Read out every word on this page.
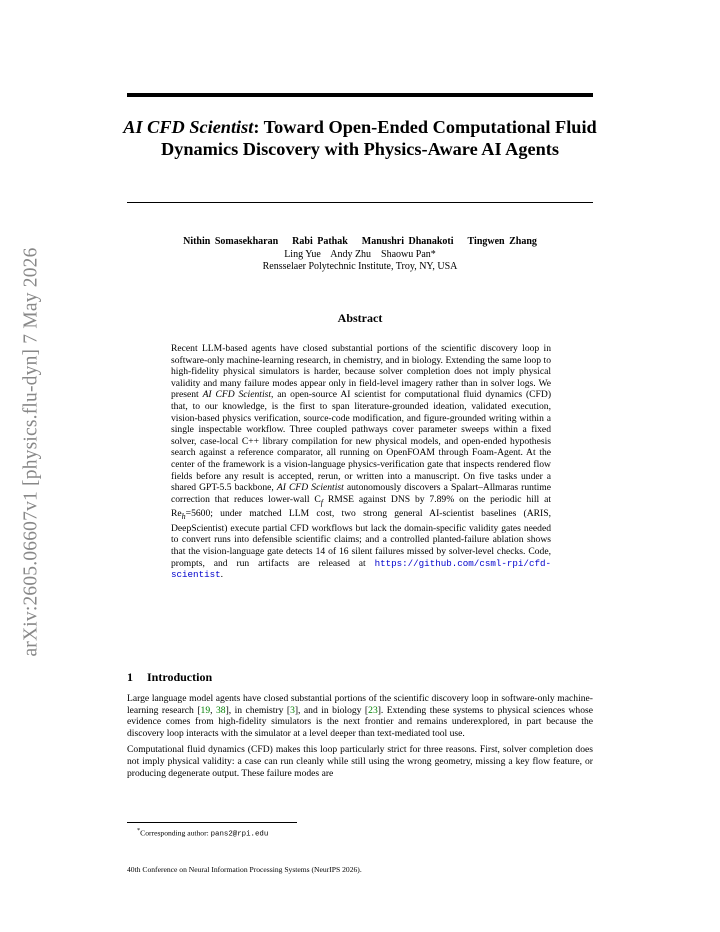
arXiv:2605.06607v1 [physics.flu-dyn] 7 May 2026
AI CFD Scientist: Toward Open-Ended Computational Fluid Dynamics Discovery with Physics-Aware AI Agents
Nithin Somasekharan Rabi Pathak Manushri Dhanakoti Tingwen Zhang
Ling Yue    Andy Zhu    Shaowu Pan*
Rensselaer Polytechnic Institute, Troy, NY, USA
Abstract
Recent LLM-based agents have closed substantial portions of the scientific discovery loop in software-only machine-learning research, in chemistry, and in biology. Extending the same loop to high-fidelity physical simulators is harder, because solver completion does not imply physical validity and many failure modes appear only in field-level imagery rather than in solver logs. We present AI CFD Scientist, an open-source AI scientist for computational fluid dynamics (CFD) that, to our knowledge, is the first to span literature-grounded ideation, validated execution, vision-based physics verification, source-code modification, and figure-grounded writing within a single inspectable workflow. Three coupled pathways cover parameter sweeps within a fixed solver, case-local C++ library compilation for new physical models, and open-ended hypothesis search against a reference comparator, all running on OpenFOAM through Foam-Agent. At the center of the framework is a vision-language physics-verification gate that inspects rendered flow fields before any result is accepted, rerun, or written into a manuscript. On five tasks under a shared GPT-5.5 backbone, AI CFD Scientist autonomously discovers a Spalart–Allmaras runtime correction that reduces lower-wall $C_f$ RMSE against DNS by 7.89% on the periodic hill at $Re_h=5600$; under matched LLM cost, two strong general AI-scientist baselines (ARIS, DeepScientist) execute partial CFD workflows but lack the domain-specific validity gates needed to convert runs into defensible scientific claims; and a controlled planted-failure ablation shows that the vision-language gate detects 14 of 16 silent failures missed by solver-level checks. Code, prompts, and run artifacts are released at https://github.com/csml-rpi/cfd-scientist.
1 Introduction

Large language model agents have closed substantial portions of the scientific discovery loop in software-only machine-learning research [19, 38], in chemistry [3], and in biology [23]. Extending these systems to physical sciences whose evidence comes from high-fidelity simulators is the next frontier and remains underexplored, in part because the discovery loop interacts with the simulator at a level deeper than text-mediated tool use.

Computational fluid dynamics (CFD) makes this loop particularly strict for three reasons. First, solver completion does not imply physical validity: a case can run cleanly while still using the wrong geometry, missing a key flow feature, or producing degenerate output. These failure modes are

*Corresponding author: pans2@rpi.edu
40th Conference on Neural Information Processing Systems (NeurIPS 2026).
